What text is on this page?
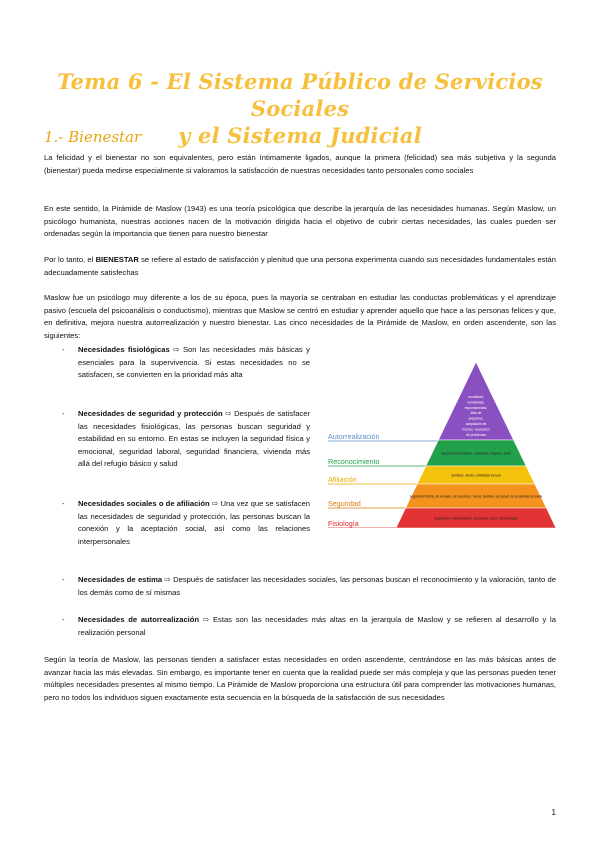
Tema 6 - El Sistema Público de Servicios Sociales
y el Sistema Judicial
1.- Bienestar

La felicidad y el bienestar no son equivalentes, pero están íntimamente ligados, aunque la primera (felicidad) sea más subjetiva y la segunda (bienestar) pueda medirse especialmente si valoramos la satisfacción de nuestras necesidades tanto personales como sociales

En este sentido, la Pirámide de Maslow (1943) es una teoría psicológica que describe la jerarquía de las necesidades humanas. Según Maslow, un psicólogo humanista, nuestras acciones nacen de la motivación dirigida hacia el objetivo de cubrir ciertas necesidades, las cuales pueden ser ordenadas según la importancia que tienen para nuestro bienestar

Por lo tanto, el BIENESTAR se refiere al estado de satisfacción y plenitud que una persona experimenta cuando sus necesidades fundamentales están adecuadamente satisfechas

Maslow fue un psicólogo muy diferente a los de su época, pues la mayoría se centraban en estudiar las conductas problemáticas y el aprendizaje pasivo (escuela del psicoanálisis o conductismo), mientras que Maslow se centró en estudiar y aprender aquello que hace a las personas felices y que, en definitiva, mejora nuestra autorrealización y nuestro bienestar. Las cinco necesidades de la Pirámide de Maslow, en orden ascendente, son las siguientes:

- Necesidades fisiológicas ⇨ Son las necesidades más básicas y esenciales para la supervivencia. Si estas necesidades no se satisfacen, se convierten en la prioridad más alta

- Necesidades de seguridad y protección ⇨ Después de satisfacer las necesidades fisiológicas, las personas buscan seguridad y estabilidad en su entorno. En estas se incluyen la seguridad física y emocional, seguridad laboral, seguridad financiera, vivienda más allá del refugio básico y salud

- Necesidades sociales o de afiliación ⇨ Una vez que se satisfacen las necesidades de seguridad y protección, las personas buscan la conexión y la aceptación social, así como las relaciones interpersonales

- Necesidades de estima ⇨ Después de satisfacer las necesidades sociales, las personas buscan el reconocimiento y la valoración, tanto de los demás como de sí mismas

- Necesidades de autorrealización ⇨ Estas son las necesidades más altas en la jerarquía de Maslow y se refieren al desarrollo y la realización personal

Según la teoría de Maslow, las personas tienden a satisfacer estas necesidades en orden ascendente, centrándose en las más básicas antes de avanzar hacia las más elevadas. Sin embargo, es importante tener en cuenta que la realidad puede ser más compleja y que las personas pueden tener múltiples necesidades presentes al mismo tiempo. La Pirámide de Maslow proporciona una estructura útil para comprender las motivaciones humanas, pero no todos los individuos siguen exactamente esta secuencia en la búsqueda de la satisfacción de sus necesidades

moralidad, creatividad, espontaneidad, falta de prejuicios, aceptación de hechos, resolución de problemas
Autorrealización
autorreconocimiento, confianza, respeto, éxito
Reconocimiento
amistad, afecto, intimidad sexual
Afiliación
seguridad física, de empleo, de recursos, moral, familiar, de salud, de propiedad privada
Seguridad
respiración, alimentación, descanso, sexo, homeostasis
Fisiología
1
